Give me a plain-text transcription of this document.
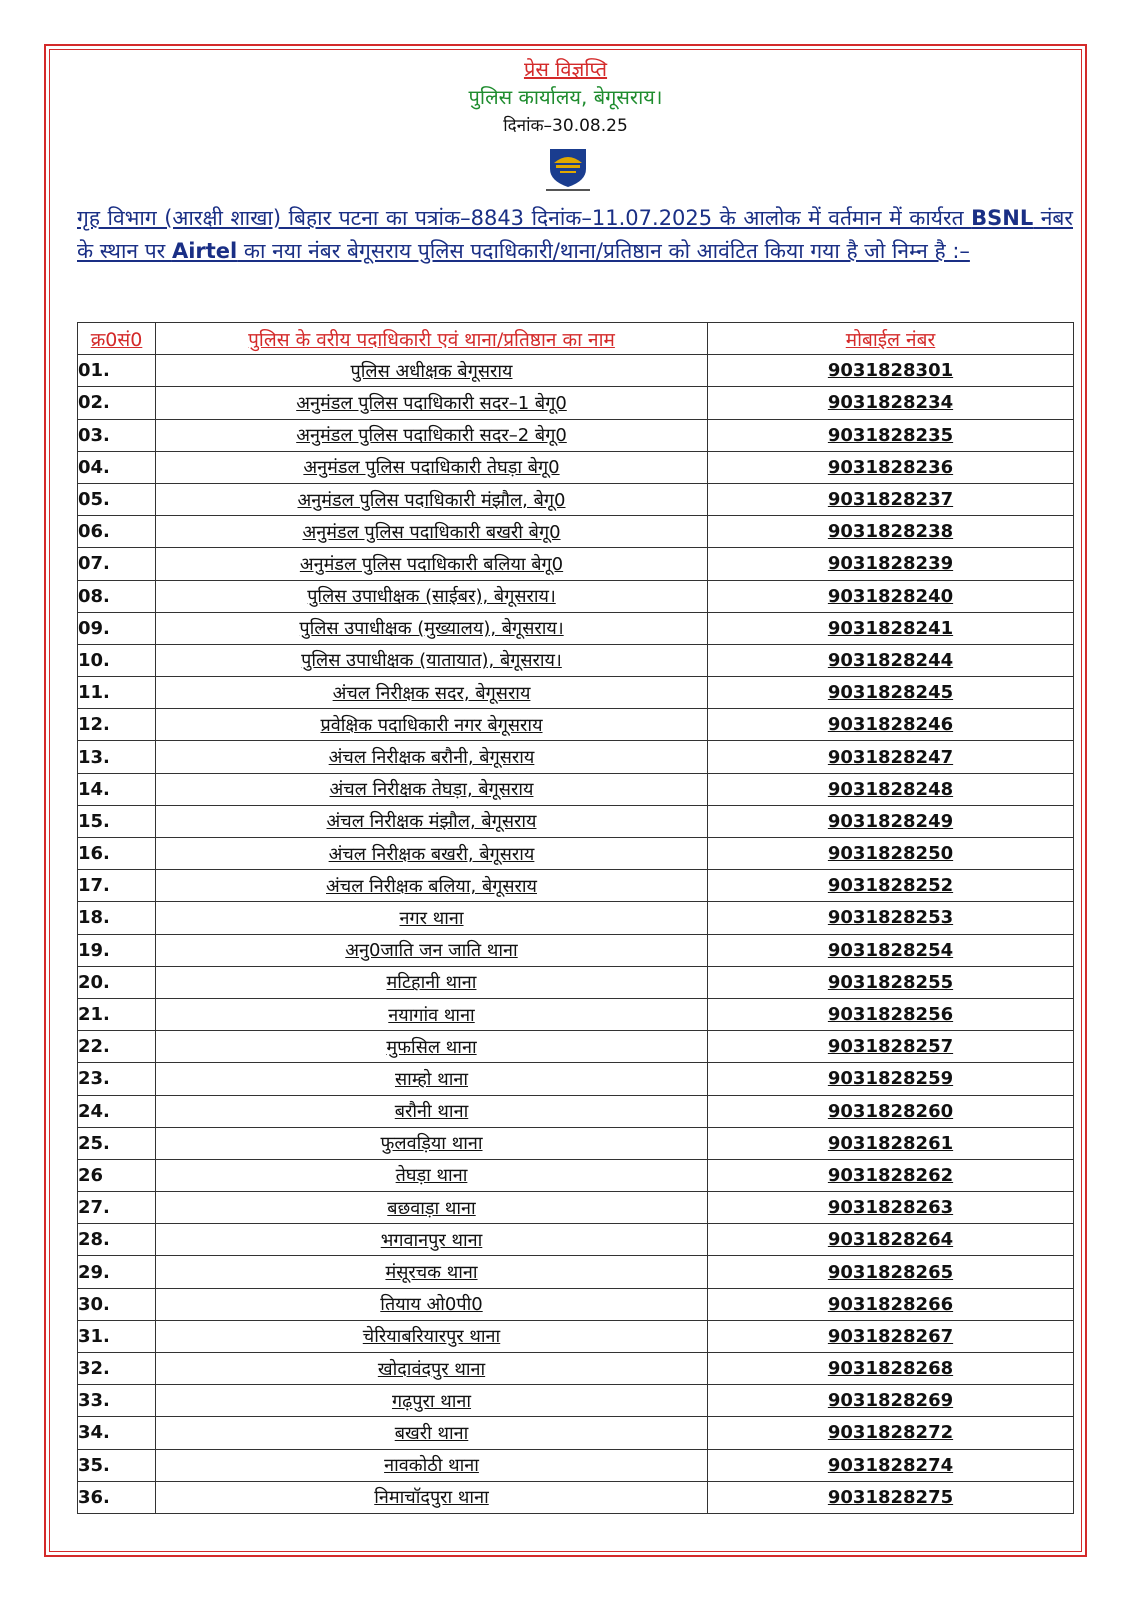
प्रेस विज्ञप्ति
पुलिस कार्यालय, बेगूसराय।
दिनांक–30.08.25
गृह विभाग (आरक्षी शाखा) बिहार पटना का पत्रांक–8843 दिनांक–11.07.2025 के आलोक में वर्तमान में कार्यरत BSNL नंबर के स्थान पर Airtel का नया नंबर बेगूसराय पुलिस पदाधिकारी/थाना/प्रतिष्ठान को आवंटित किया गया है जो निम्न है :–
क्र0सं0	पुलिस के वरीय पदाधिकारी एवं थाना/प्रतिष्ठान का नाम	मोबाईल नंबर
01.	पुलिस अधीक्षक बेगूसराय	9031828301
02.	अनुमंडल पुलिस पदाधिकारी सदर–1 बेगू0	9031828234
03.	अनुमंडल पुलिस पदाधिकारी सदर–2 बेगू0	9031828235
04.	अनुमंडल पुलिस पदाधिकारी तेघड़ा बेगू0	9031828236
05.	अनुमंडल पुलिस पदाधिकारी मंझौल, बेगू0	9031828237
06.	अनुमंडल पुलिस पदाधिकारी बखरी बेगू0	9031828238
07.	अनुमंडल पुलिस पदाधिकारी बलिया बेगू0	9031828239
08.	पुलिस उपाधीक्षक (साईबर), बेगूसराय।	9031828240
09.	पुलिस उपाधीक्षक (मुख्यालय), बेगूसराय।	9031828241
10.	पुलिस उपाधीक्षक (यातायात), बेगूसराय।	9031828244
11.	अंचल निरीक्षक सदर, बेगूसराय	9031828245
12.	प्रवेक्षिक पदाधिकारी नगर बेगूसराय	9031828246
13.	अंचल निरीक्षक बरौनी, बेगूसराय	9031828247
14.	अंचल निरीक्षक तेघड़ा, बेगूसराय	9031828248
15.	अंचल निरीक्षक मंझौल, बेगूसराय	9031828249
16.	अंचल निरीक्षक बखरी, बेगूसराय	9031828250
17.	अंचल निरीक्षक बलिया, बेगूसराय	9031828252
18.	नगर थाना	9031828253
19.	अनु0जाति जन जाति थाना	9031828254
20.	मटिहानी थाना	9031828255
21.	नयागांव थाना	9031828256
22.	मुफसिल थाना	9031828257
23.	साम्हो थाना	9031828259
24.	बरौनी थाना	9031828260
25.	फुलवड़िया थाना	9031828261
26	तेघड़ा थाना	9031828262
27.	बछवाड़ा थाना	9031828263
28.	भगवानपुर थाना	9031828264
29.	मंसूरचक थाना	9031828265
30.	तियाय ओ0पी0	9031828266
31.	चेरियाबरियारपुर थाना	9031828267
32.	खोदावंदपुर थाना	9031828268
33.	गढ़पुरा थाना	9031828269
34.	बखरी थाना	9031828272
35.	नावकोठी थाना	9031828274
36.	निमाचॉदपुरा थाना	9031828275
